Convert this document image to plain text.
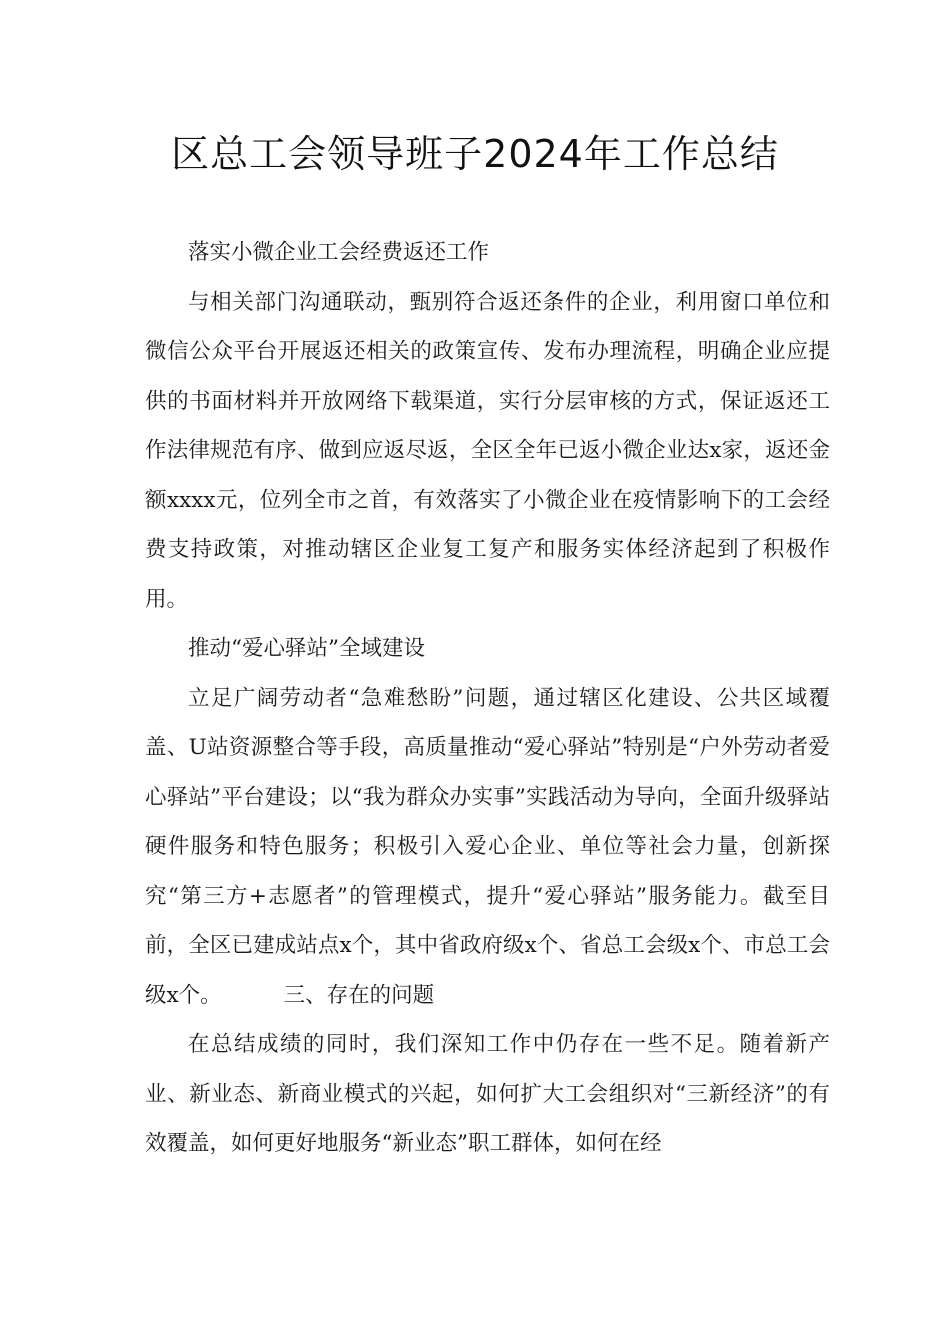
区总工会领导班子2024年工作总结

落实小微企业工会经费返还工作

与相关部门沟通联动，甄别符合返还条件的企业，利用窗口单位和微信公众平台开展返还相关的政策宣传、发布办理流程，明确企业应提供的书面材料并开放网络下载渠道，实行分层审核的方式，保证返还工作法律规范有序、做到应返尽返，全区全年已返小微企业达x家，返还金额xxxx元，位列全市之首，有效落实了小微企业在疫情影响下的工会经费支持政策，对推动辖区企业复工复产和服务实体经济起到了积极作用。

推动“爱心驿站”全域建设

立足广阔劳动者“急难愁盼”问题，通过辖区化建设、公共区域覆盖、U站资源整合等手段，高质量推动“爱心驿站”特别是“户外劳动者爱心驿站”平台建设；以“我为群众办实事”实践活动为导向，全面升级驿站硬件服务和特色服务；积极引入爱心企业、单位等社会力量，创新探究“第三方+志愿者”的管理模式，提升“爱心驿站”服务能力。截至目前，全区已建成站点x个，其中省政府级x个、省总工会级x个、市总工会级x个。	三、存在的问题

在总结成绩的同时，我们深知工作中仍存在一些不足。随着新产业、新业态、新商业模式的兴起，如何扩大工会组织对“三新经济”的有效覆盖，如何更好地服务“新业态”职工群体，如何在经
